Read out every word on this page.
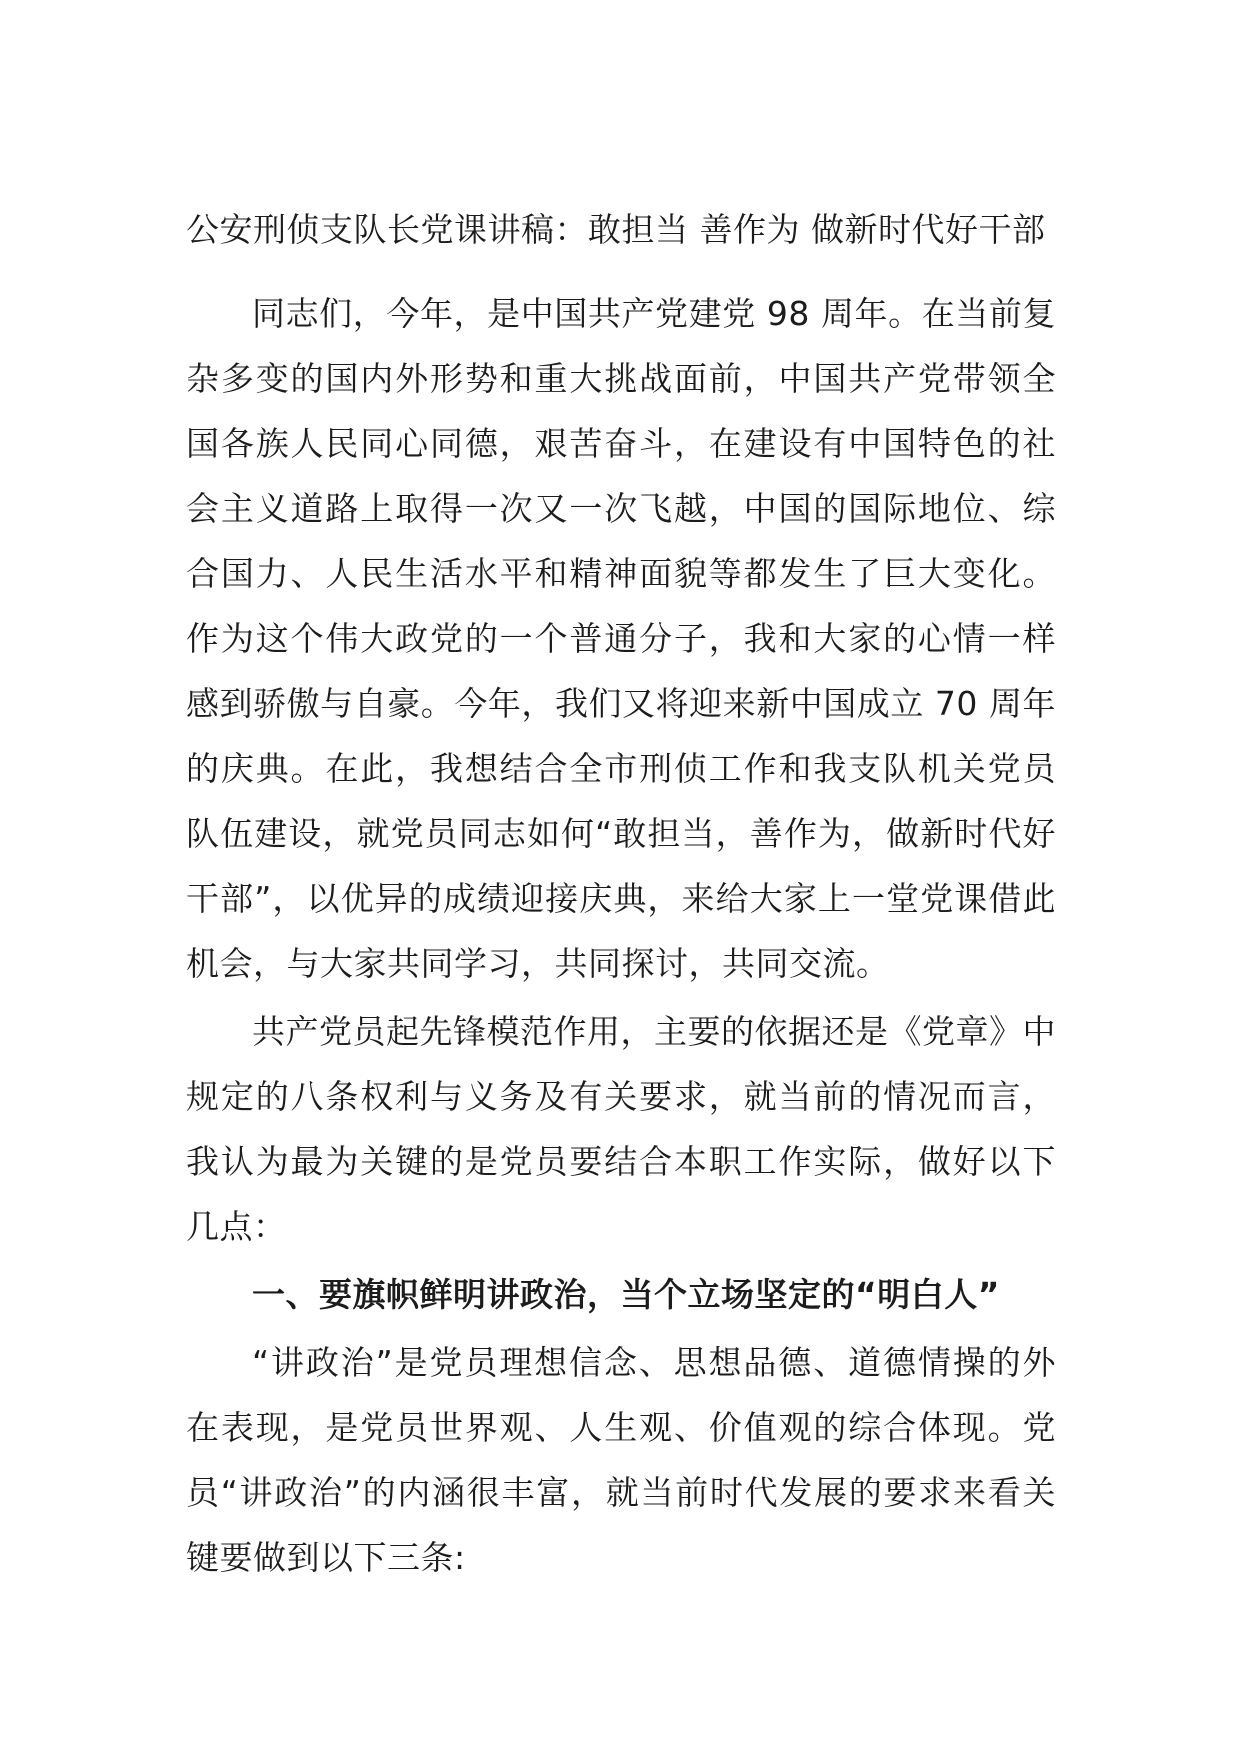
公安刑侦支队长党课讲稿：敢担当 善作为 做新时代好干部

同志们，今年，是中国共产党建党 98 周年。在当前复杂多变的国内外形势和重大挑战面前，中国共产党带领全国各族人民同心同德，艰苦奋斗，在建设有中国特色的社会主义道路上取得一次又一次飞越，中国的国际地位、综合国力、人民生活水平和精神面貌等都发生了巨大变化。作为这个伟大政党的一个普通分子，我和大家的心情一样感到骄傲与自豪。今年，我们又将迎来新中国成立 70 周年的庆典。在此，我想结合全市刑侦工作和我支队机关党员队伍建设，就党员同志如何“敢担当，善作为，做新时代好干部”，以优异的成绩迎接庆典，来给大家上一堂党课借此机会，与大家共同学习，共同探讨，共同交流。

共产党员起先锋模范作用，主要的依据还是《党章》中规定的八条权利与义务及有关要求，就当前的情况而言，我认为最为关键的是党员要结合本职工作实际，做好以下几点：

一、要旗帜鲜明讲政治，当个立场坚定的“明白人”

“讲政治”是党员理想信念、思想品德、道德情操的外在表现，是党员世界观、人生观、价值观的综合体现。党员“讲政治”的内涵很丰富，就当前时代发展的要求来看关键要做到以下三条:
